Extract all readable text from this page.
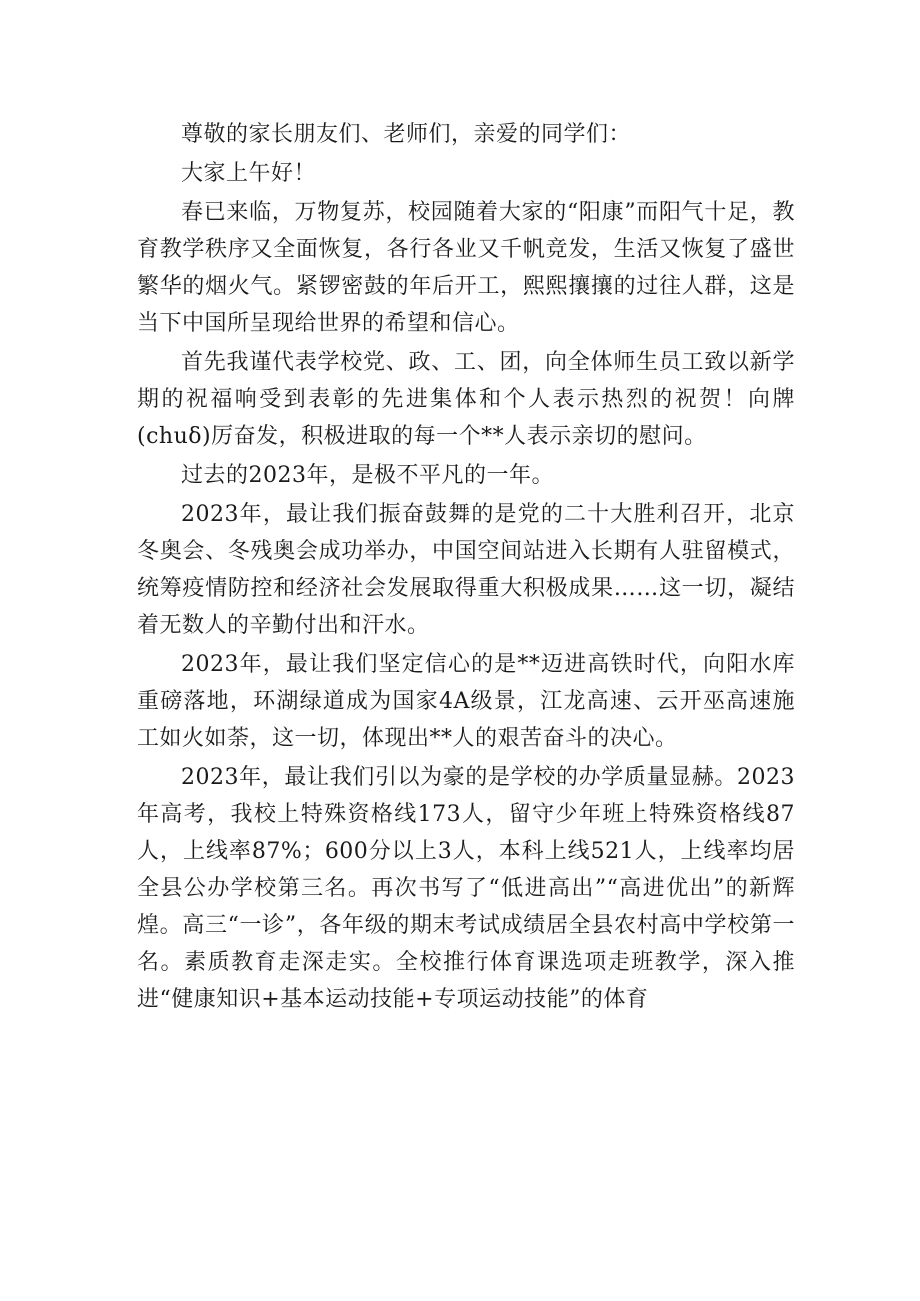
尊敬的家长朋友们、老师们，亲爱的同学们：

大家上午好！

春已来临，万物复苏，校园随着大家的“阳康”而阳气十足，教育教学秩序又全面恢复，各行各业又千帆竞发，生活又恢复了盛世繁华的烟火气。紧锣密鼓的年后开工，熙熙攘攘的过往人群，这是当下中国所呈现给世界的希望和信心。

首先我谨代表学校党、政、工、团，向全体师生员工致以新学期的祝福响受到表彰的先进集体和个人表示热烈的祝贺！向牌(chuδ)厉奋发，积极进取的每一个**人表示亲切的慰问。

过去的2023年，是极不平凡的一年。

2023年，最让我们振奋鼓舞的是党的二十大胜利召开，北京冬奥会、冬残奥会成功举办，中国空间站进入长期有人驻留模式，统筹疫情防控和经济社会发展取得重大积极成果……这一切，凝结着无数人的辛勤付出和汗水。

2023年，最让我们坚定信心的是**迈进高铁时代，向阳水库重磅落地，环湖绿道成为国家4A级景，江龙高速、云开巫高速施工如火如荼，这一切，体现出**人的艰苦奋斗的决心。

2023年，最让我们引以为豪的是学校的办学质量显赫。2023年高考，我校上特殊资格线173人，留守少年班上特殊资格线87人，上线率87%；600分以上3人，本科上线521人，上线率均居全县公办学校第三名。再次书写了“低进高出”“高进优出”的新辉煌。高三“一诊”，各年级的期末考试成绩居全县农村高中学校第一名。素质教育走深走实。全校推行体育课选项走班教学，深入推进“健康知识+基本运动技能+专项运动技能”的体育
